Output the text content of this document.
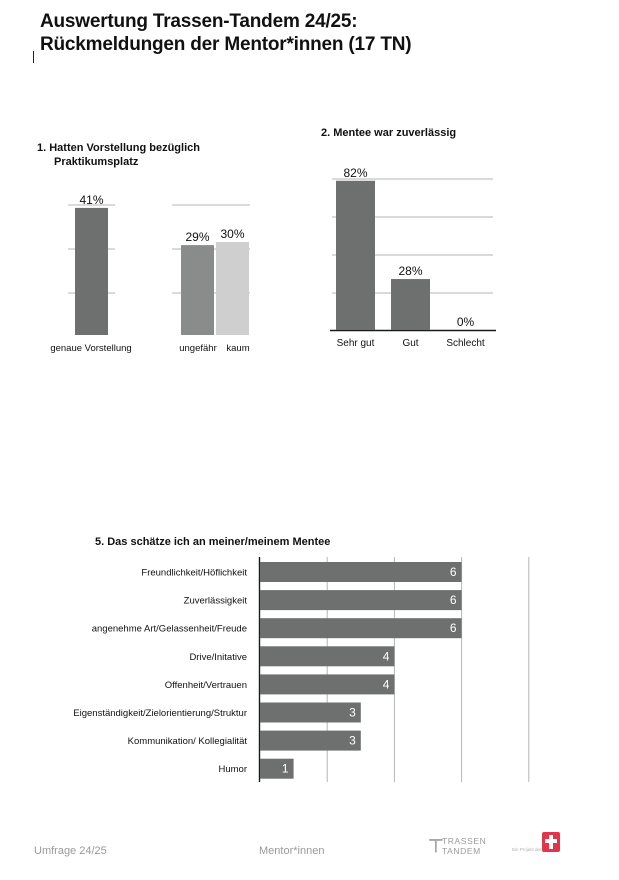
Auswertung Trassen-Tandem 24/25:
Rückmeldungen der Mentor*innen (17 TN)
1. Hatten Vorstellung bezüglich
Praktikumsplatz
2. Mentee war zuverlässig
5. Das schätze ich an meiner/meinem Mentee
41%
29% 30%
genaue Vorstellung	ungefähr kaum
82%
Sehr gut
28%
Gut
0%
Schlecht
6
Freundlichkeit/Höflichkeit
6
Zuverlässigkeit
6
angenehme Art/Gelassenheit/Freude
4
Drive/Initative
4
Offenheit/Vertrauen
3
Eigenständigkeit/Zielorientierung/Struktur
3
Kommunikation/ Kollegialität
1
Humor
Umfrage 24/25	Mentor*innen	⊤
TRASSEN
TANDEM	Ein Projekt der
